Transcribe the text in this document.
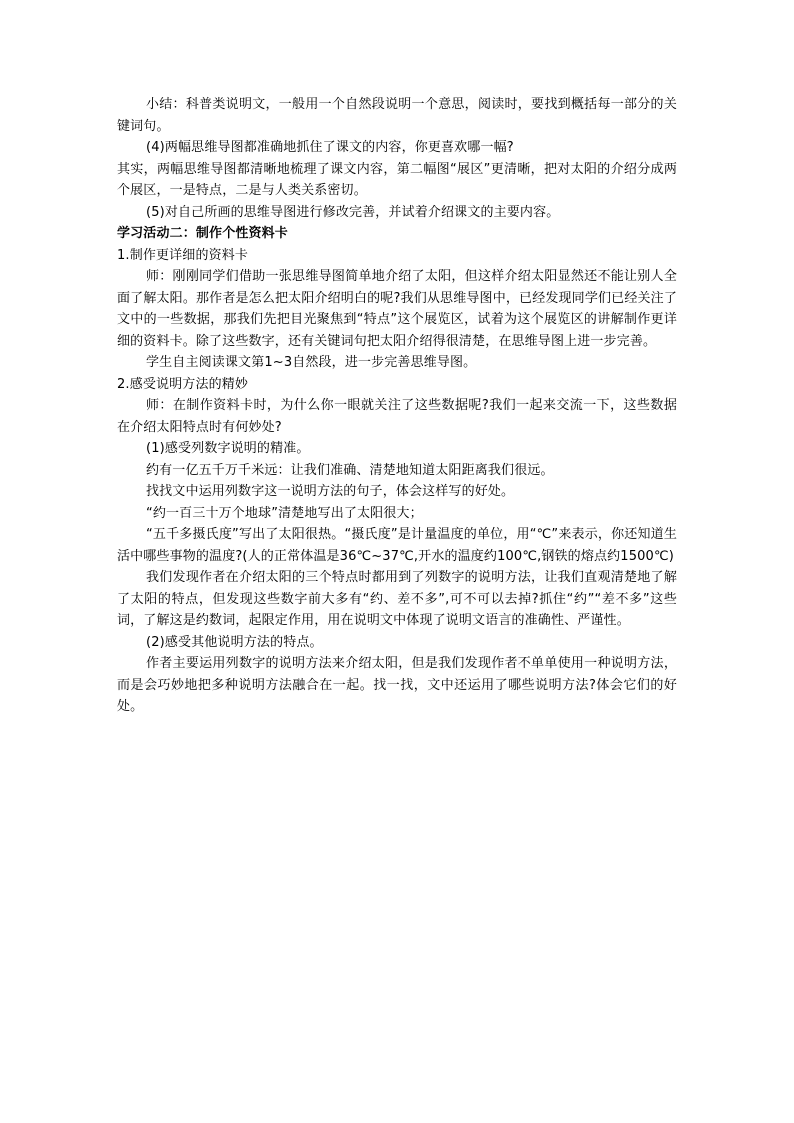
小结：科普类说明文，一般用一个自然段说明一个意思，阅读时，要找到概括每一部分的关键词句。

(4)两幅思维导图都准确地抓住了课文的内容，你更喜欢哪一幅?

其实，两幅思维导图都清晰地梳理了课文内容，第二幅图“展区”更清晰，把对太阳的介绍分成两个展区，一是特点，二是与人类关系密切。

(5)对自己所画的思维导图进行修改完善，并试着介绍课文的主要内容。

学习活动二：制作个性资料卡

1.制作更详细的资料卡

师：刚刚同学们借助一张思维导图简单地介绍了太阳，但这样介绍太阳显然还不能让别人全面了解太阳。那作者是怎么把太阳介绍明白的呢?我们从思维导图中，已经发现同学们已经关注了文中的一些数据，那我们先把目光聚焦到“特点”这个展览区，试着为这个展览区的讲解制作更详细的资料卡。除了这些数字，还有关键词句把太阳介绍得很清楚，在思维导图上进一步完善。

学生自主阅读课文第1~3自然段，进一步完善思维导图。

2.感受说明方法的精妙

师：在制作资料卡时，为什么你一眼就关注了这些数据呢?我们一起来交流一下，这些数据在介绍太阳特点时有何妙处?

(1)感受列数字说明的精准。

约有一亿五千万千米远：让我们准确、清楚地知道太阳距离我们很远。

找找文中运用列数字这一说明方法的句子，体会这样写的好处。

“约一百三十万个地球”清楚地写出了太阳很大；

“五千多摄氏度”写出了太阳很热。“摄氏度”是计量温度的单位，用“℃”来表示，你还知道生活中哪些事物的温度?(人的正常体温是36℃~37℃,开水的温度约100℃,钢铁的熔点约1500℃)

我们发现作者在介绍太阳的三个特点时都用到了列数字的说明方法，让我们直观清楚地了解了太阳的特点，但发现这些数字前大多有“约、差不多”,可不可以去掉?抓住“约”“差不多”这些词，了解这是约数词，起限定作用，用在说明文中体现了说明文语言的准确性、严谨性。

(2)感受其他说明方法的特点。

作者主要运用列数字的说明方法来介绍太阳，但是我们发现作者不单单使用一种说明方法，而是会巧妙地把多种说明方法融合在一起。找一找，文中还运用了哪些说明方法?体会它们的好处。
